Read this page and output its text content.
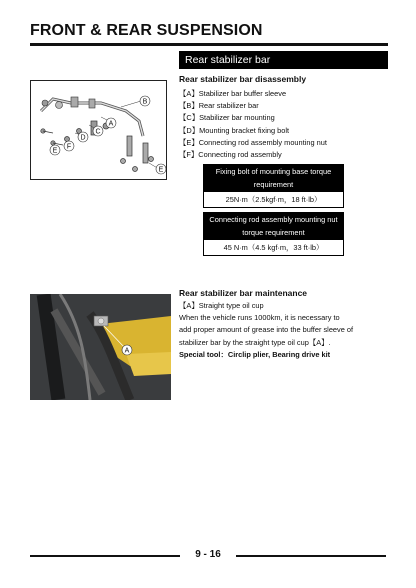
FRONT & REAR SUSPENSION
Rear stabilizer bar
B
A
C
D
F
E
E
Rear stabilizer bar disassembly
【A】Stabilizer bar buffer sleeve
【B】Rear stabilizer bar
【C】Stabilizer bar mounting
【D】Mounting bracket fixing bolt
【E】Connecting rod assembly mounting nut
【F】Connecting rod assembly
Fixing bolt of mounting base torque
requirement
25N·m（2.5kgf·m，18 ft·lb）
Connecting rod assembly mounting nut
torque requirement
45 N·m（4.5 kgf·m，33 ft·lb）
A
Rear stabilizer bar maintenance
【A】Straight type oil cup
When the vehicle runs 1000km, it is necessary to
add proper amount of grease into the buffer sleeve of
stabilizer bar by the straight type oil cup【A】.
Special tool：Circlip plier, Bearing drive kit
9 - 16
